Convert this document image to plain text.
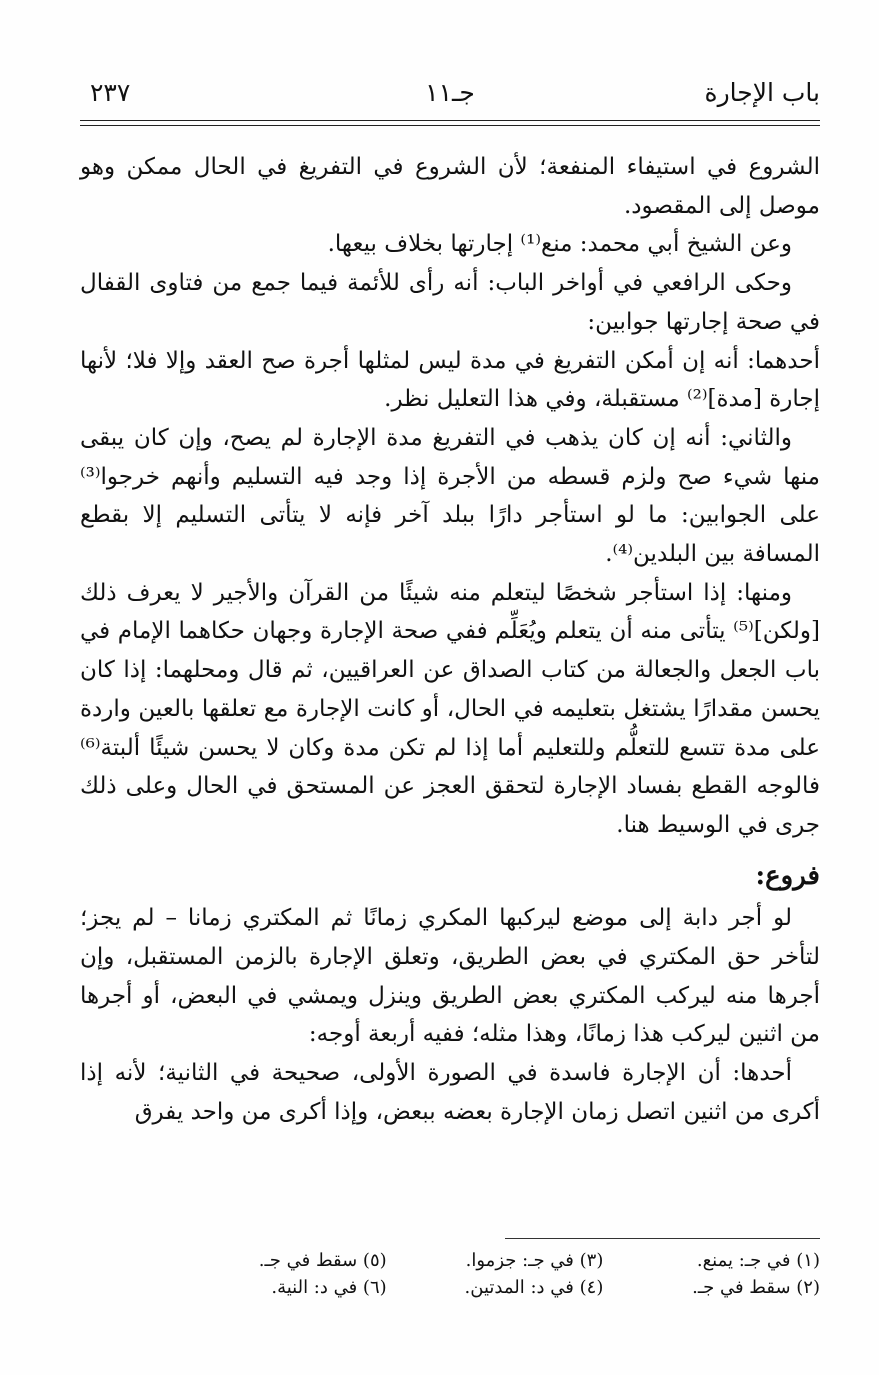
باب الإجارة
جـ١١
٢٣٧

الشروع في استيفاء المنفعة؛ لأن الشروع في التفريغ في الحال ممكن وهو موصل إلى المقصود.

وعن الشيخ أبي محمد: منع⁽¹⁾ إجارتها بخلاف بيعها.

وحكى الرافعي في أواخر الباب: أنه رأى للأئمة فيما جمع من فتاوى القفال في صحة إجارتها جوابين:

أحدهما: أنه إن أمكن التفريغ في مدة ليس لمثلها أجرة صح العقد وإلا فلا؛ لأنها إجارة [مدة]⁽²⁾ مستقبلة، وفي هذا التعليل نظر.

والثاني: أنه إن كان يذهب في التفريغ مدة الإجارة لم يصح، وإن كان يبقى منها شيء صح ولزم قسطه من الأجرة إذا وجد فيه التسليم وأنهم خرجوا⁽³⁾ على الجوابين: ما لو استأجر دارًا ببلد آخر فإنه لا يتأتى التسليم إلا بقطع المسافة بين البلدين⁽⁴⁾.

ومنها: إذا استأجر شخصًا ليتعلم منه شيئًا من القرآن والأجير لا يعرف ذلك [ولكن]⁽⁵⁾ يتأتى منه أن يتعلم ويُعَلِّم ففي صحة الإجارة وجهان حكاهما الإمام في باب الجعل والجعالة من كتاب الصداق عن العراقيين، ثم قال ومحلهما: إذا كان يحسن مقدارًا يشتغل بتعليمه في الحال، أو كانت الإجارة مع تعلقها بالعين واردة على مدة تتسع للتعلُّم وللتعليم أما إذا لم تكن مدة وكان لا يحسن شيئًا ألبتة⁽⁶⁾ فالوجه القطع بفساد الإجارة لتحقق العجز عن المستحق في الحال وعلى ذلك جرى في الوسيط هنا.

فروع:

لو أجر دابة إلى موضع ليركبها المكري زمانًا ثم المكتري زمانا – لم يجز؛ لتأخر حق المكتري في بعض الطريق، وتعلق الإجارة بالزمن المستقبل، وإن أجرها منه ليركب المكتري بعض الطريق وينزل ويمشي في البعض، أو أجرها من اثنين ليركب هذا زمانًا، وهذا مثله؛ ففيه أربعة أوجه:

أحدها: أن الإجارة فاسدة في الصورة الأولى، صحيحة في الثانية؛ لأنه إذا أكرى من اثنين اتصل زمان الإجارة بعضه ببعض، وإذا أكرى من واحد يفرق

(١) في جـ: يمنع.
(٣) في جـ: جزموا.
(٥) سقط في جـ.
(٢) سقط في جـ.
(٤) في د: المدتين.
(٦) في د: النية.
